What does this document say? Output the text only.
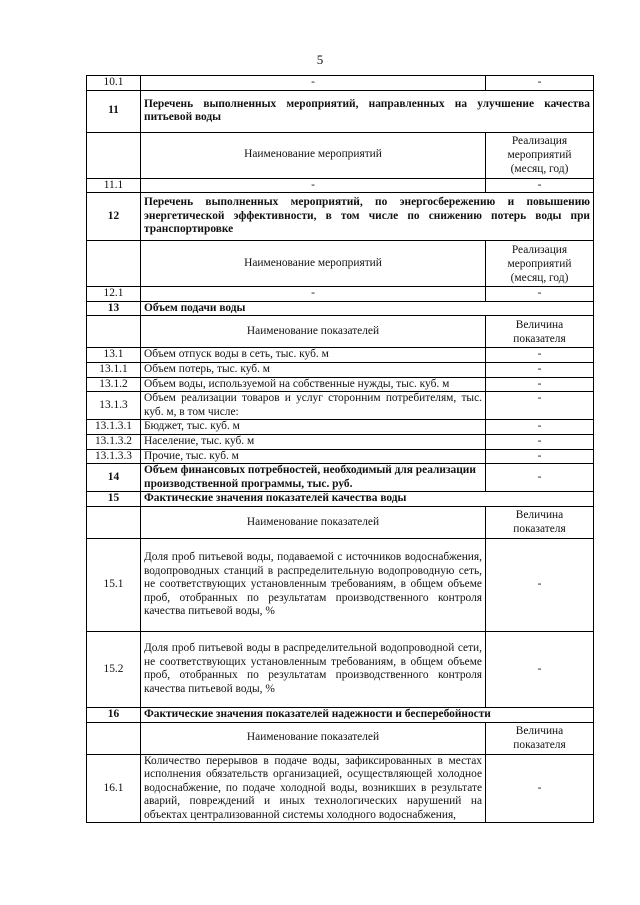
5
10.1	-	-
11	Перечень выполненных мероприятий, направленных на улучшение качества питьевой воды	
	Наименование мероприятий	Реализация мероприятий (месяц, год)
11.1	-	-
12	Перечень выполненных мероприятий, по энергосбережению и повышению энергетической эффективности, в том числе по снижению потерь воды при транспортировке	
	Наименование мероприятий	Реализация мероприятий (месяц, год)
12.1	-	-
13	Объем подачи воды	
	Наименование показателей	Величина показателя
13.1	Объем отпуск воды в сеть, тыс. куб. м	-
13.1.1	Объем потерь, тыс. куб. м	-
13.1.2	Объем воды, используемой на собственные нужды, тыс. куб. м	-
13.1.3	Объем реализации товаров и услуг сторонним потребителям, тыс. куб. м, в том числе:	-
13.1.3.1	Бюджет, тыс. куб. м	-
13.1.3.2	Население, тыс. куб. м	-
13.1.3.3	Прочие, тыс. куб. м	-
14	Объем финансовых потребностей, необходимый для реализации производственной программы, тыс. руб.	-
15	Фактические значения показателей качества воды	
	Наименование показателей	Величина показателя
15.1	Доля проб питьевой воды, подаваемой с источников водоснабжения, водопроводных станций в распределительную водопроводную сеть, не соответствующих установленным требованиям, в общем объеме проб, отобранных по результатам производственного контроля качества питьевой воды, %	-
15.2	Доля проб питьевой воды в распределительной водопроводной сети, не соответствующих установленным требованиям, в общем объеме проб, отобранных по результатам производственного контроля качества питьевой воды, %	-
16	Фактические значения показателей надежности и бесперебойности	
	Наименование показателей	Величина показателя
16.1	Количество перерывов в подаче воды, зафиксированных в местах исполнения обязательств организацией, осуществляющей холодное водоснабжение, по подаче холодной воды, возникших в результате аварий, повреждений и иных технологических нарушений на объектах централизованной системы холодного водоснабжения,	-
